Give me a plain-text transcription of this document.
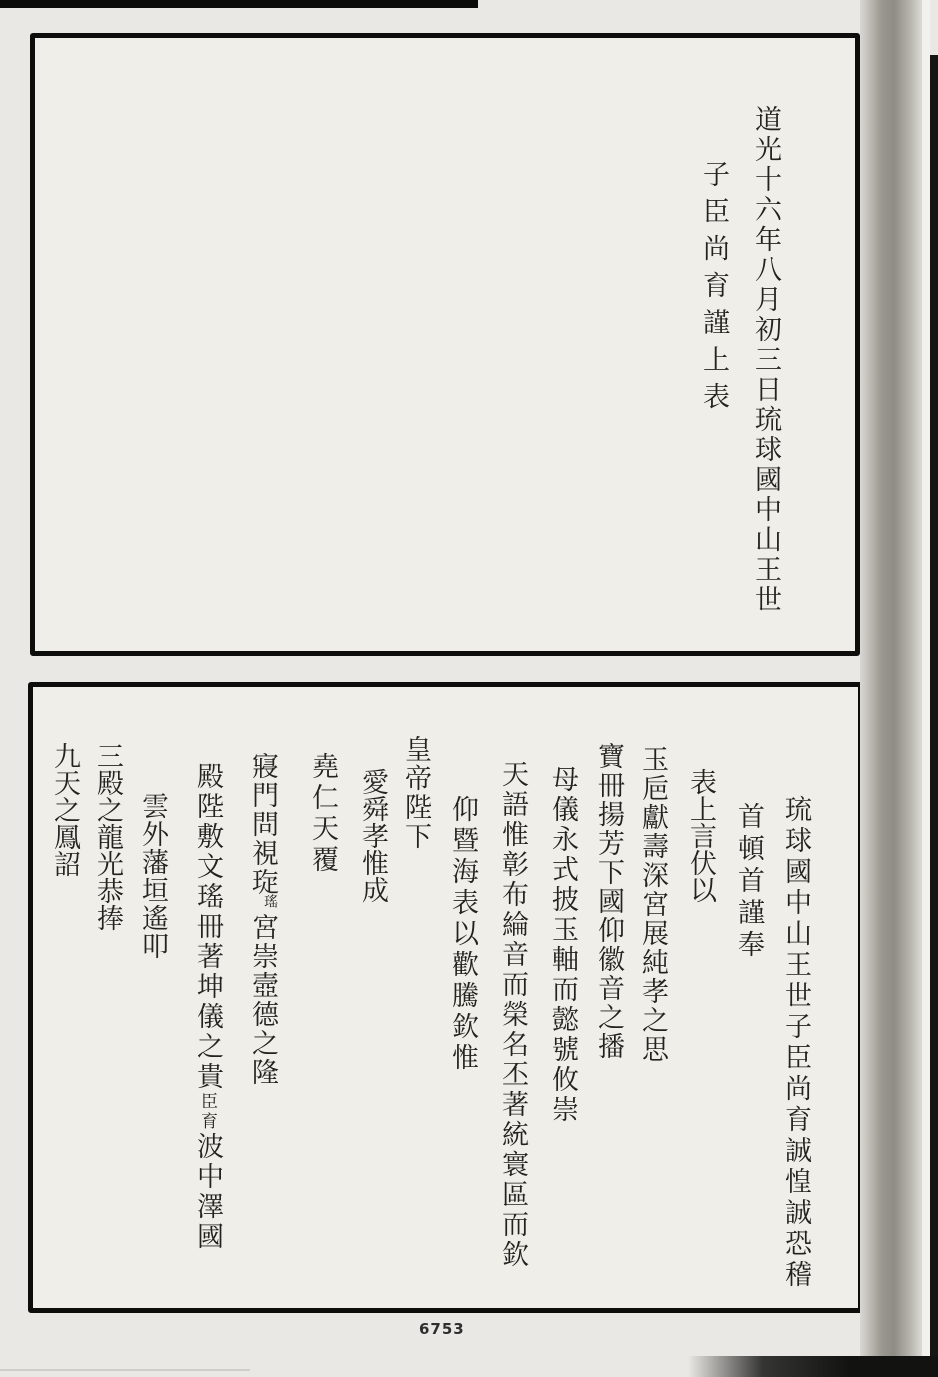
道光十六年八月初三日琉球國中山王世
子臣尚育謹上表
琉球國中山王世子臣尚育誠惶誠恐稽
首頓首謹奉
表上言伏以
玉巵獻壽深宮展純孝之思
寶冊揚芳下國仰徽音之播
母儀永式披玉軸而懿號攸崇
天語惟彰布綸音而榮名丕著統寰區而欽
仰暨海表以歡騰欽惟
皇帝陛下
愛舜孝惟成
堯仁天覆
寢門問視琁瑤宮崇壼德之隆
殿陛敷文瑤冊著坤儀之貴臣育波中澤國
雲外藩垣遙叩
三殿之龍光恭捧
九天之鳳詔
6753
